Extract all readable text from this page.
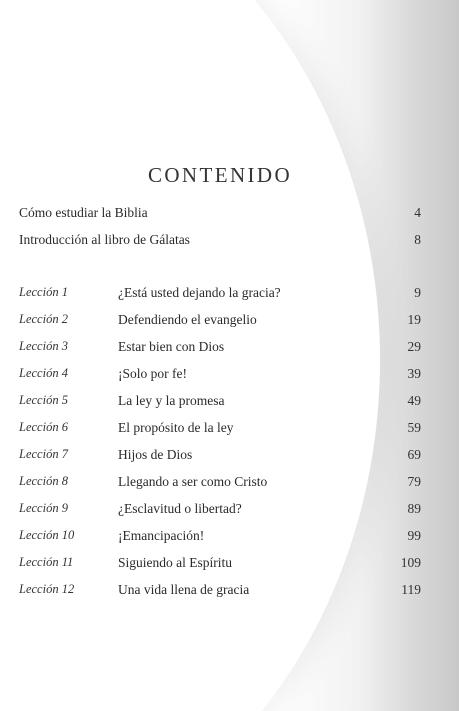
CONTENIDO
Cómo estudiar la Biblia	4
Introducción al libro de Gálatas	8
Lección 1	¿Está usted dejando la gracia?	9
Lección 2	Defendiendo el evangelio	19
Lección 3	Estar bien con Dios	29
Lección 4	¡Solo por fe!	39
Lección 5	La ley y la promesa	49
Lección 6	El propósito de la ley	59
Lección 7	Hijos de Dios	69
Lección 8	Llegando a ser como Cristo	79
Lección 9	¿Esclavitud o libertad?	89
Lección 10	¡Emancipación!	99
Lección 11	Siguiendo al Espíritu	109
Lección 12	Una vida llena de gracia	119
